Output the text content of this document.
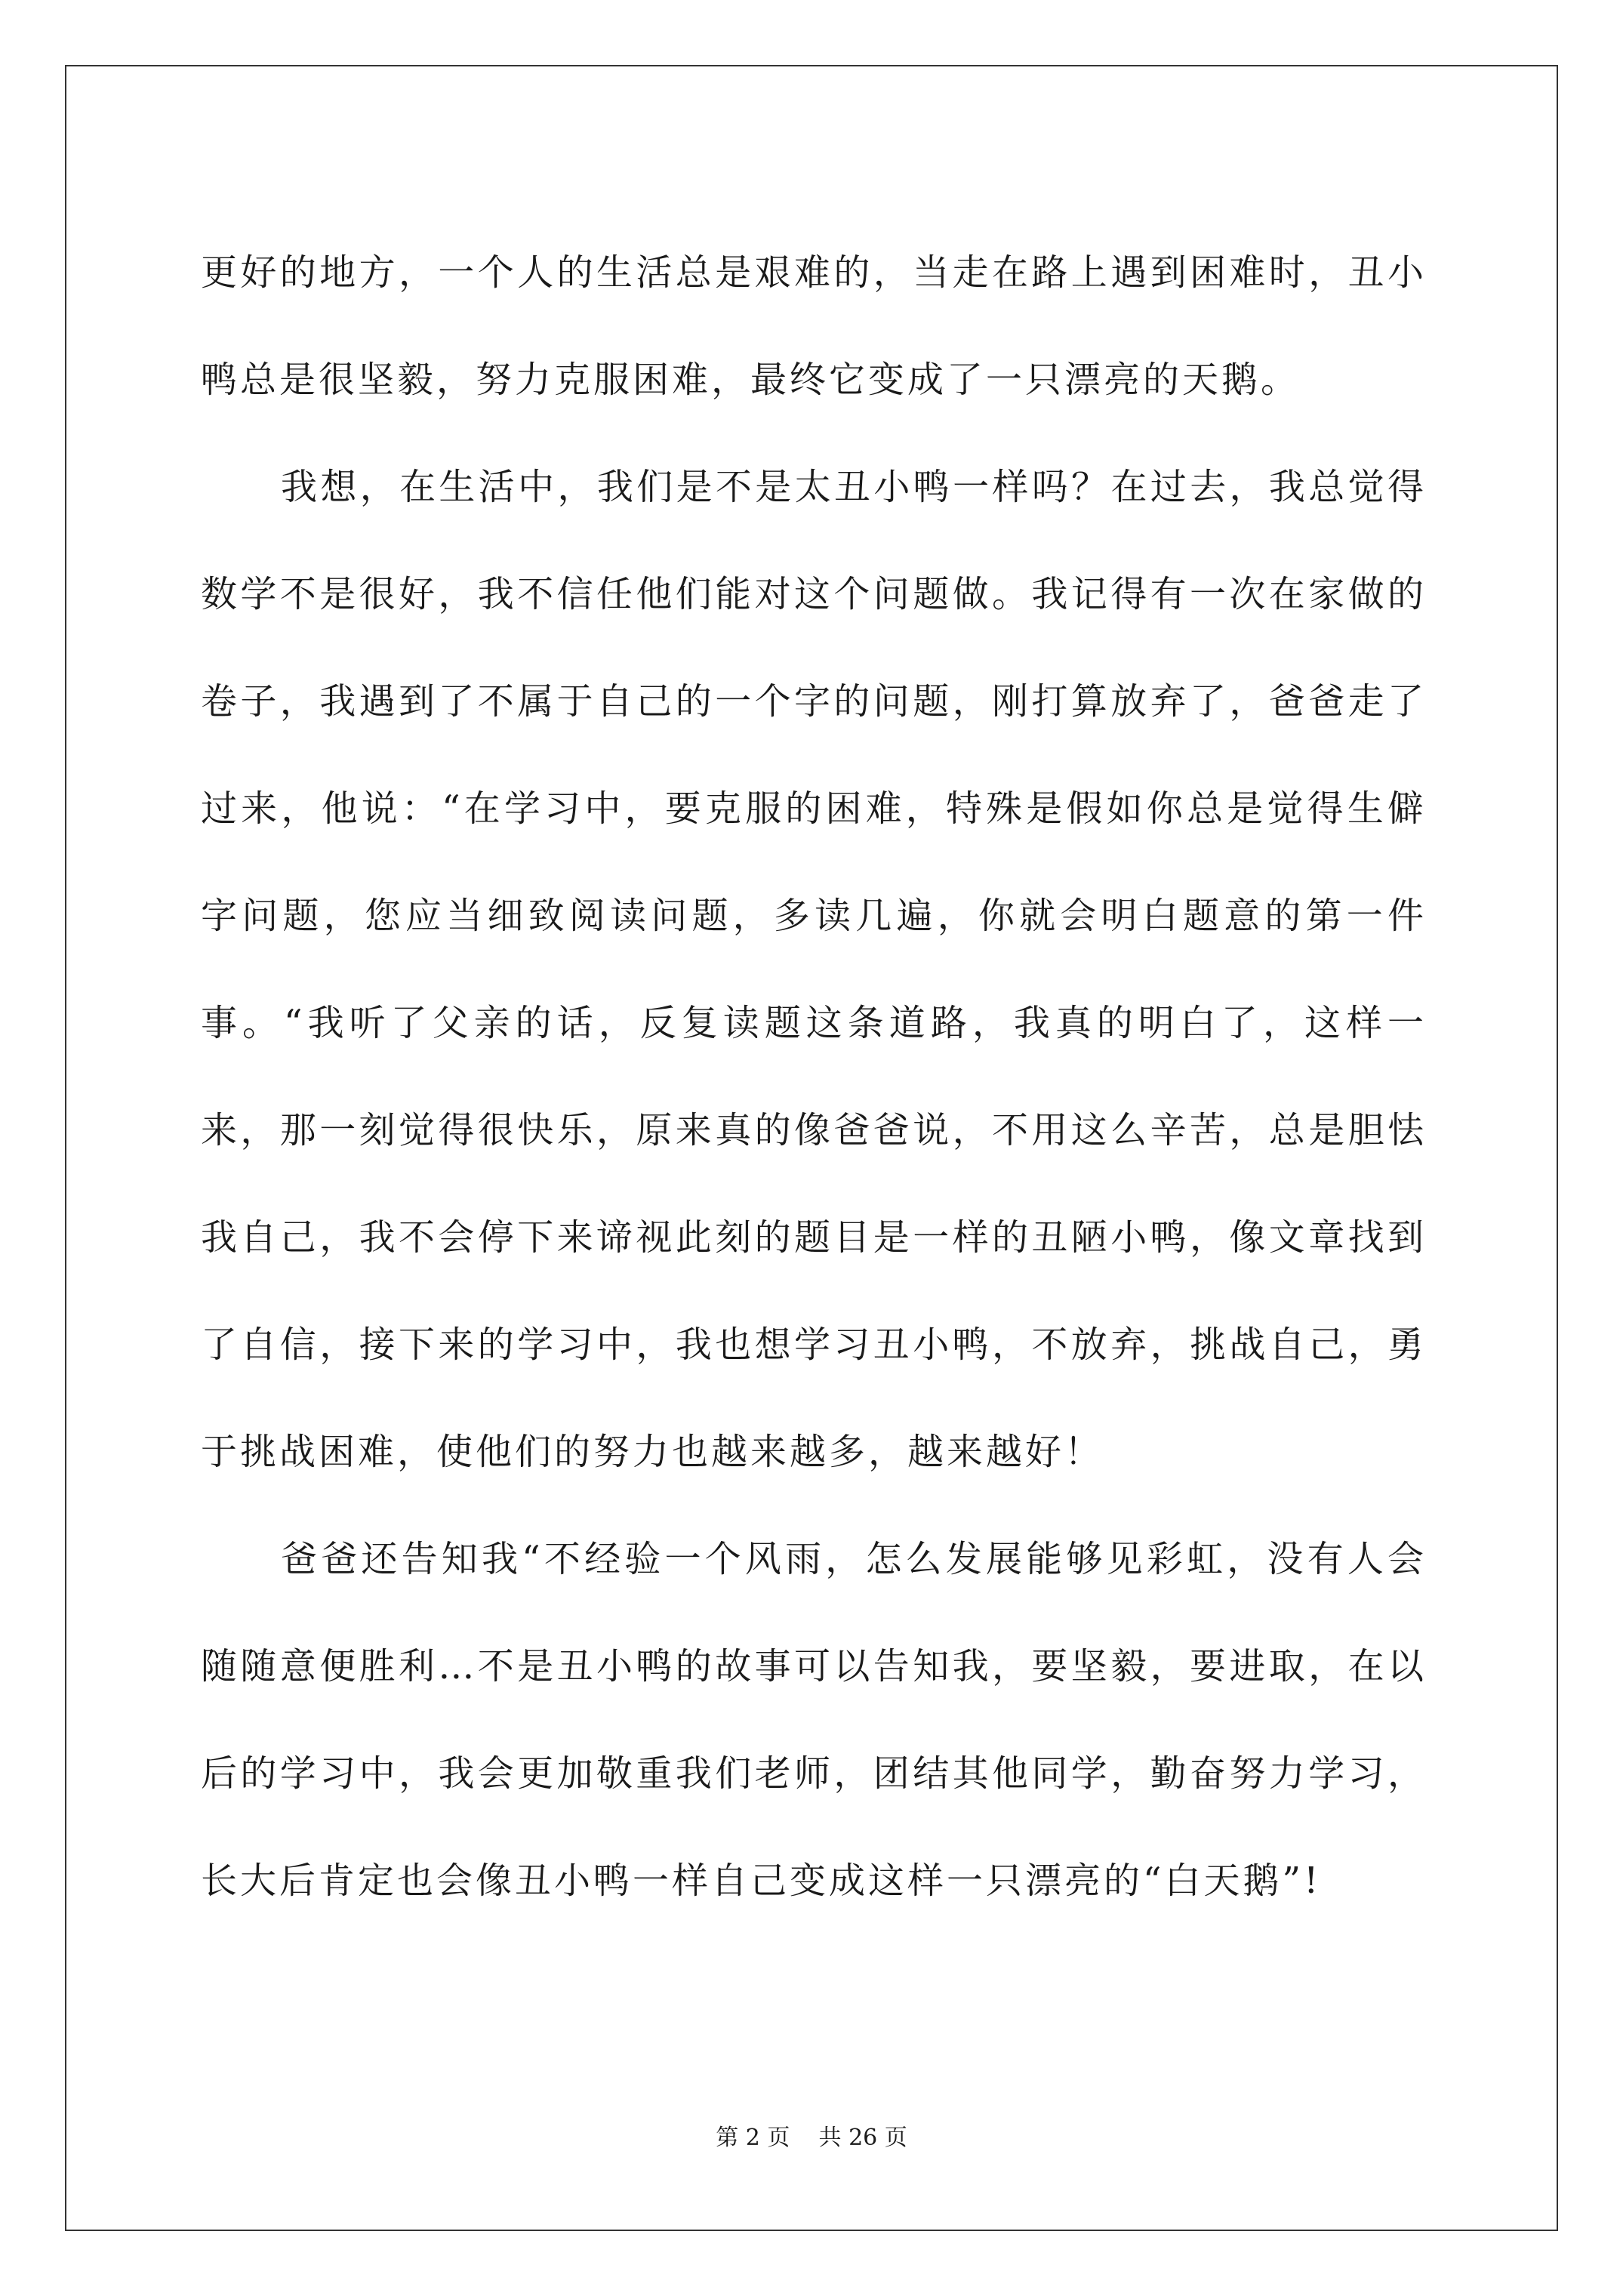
更好的地方，一个人的生活总是艰难的，当走在路上遇到困难时，丑小鸭总是很坚毅，努力克服困难，最终它变成了一只漂亮的天鹅。

我想，在生活中，我们是不是太丑小鸭一样吗？在过去，我总觉得数学不是很好，我不信任他们能对这个问题做。我记得有一次在家做的卷子，我遇到了不属于自己的一个字的问题，刚打算放弃了，爸爸走了过来，他说：“在学习中，要克服的困难，特殊是假如你总是觉得生僻字问题，您应当细致阅读问题，多读几遍，你就会明白题意的第一件事。“我听了父亲的话，反复读题这条道路，我真的明白了，这样一来，那一刻觉得很快乐，原来真的像爸爸说，不用这么辛苦，总是胆怯 我自己，我不会停下来谛视此刻的题目是一样的丑陋小鸭，像文章找到了自信，接下来的学习中，我也想学习丑小鸭，不放弃，挑战自己，勇于挑战困难，使他们的努力也越来越多，越来越好！

爸爸还告知我“不经验一个风雨，怎么发展能够见彩虹，没有人会随随意便胜利…不是丑小鸭的故事可以告知我，要坚毅，要进取，在以后的学习中，我会更加敬重我们老师，团结其他同学，勤奋努力学习，长大后肯定也会像丑小鸭一样自己变成这样一只漂亮的“白天鹅”!

第 2 页 共 26 页
